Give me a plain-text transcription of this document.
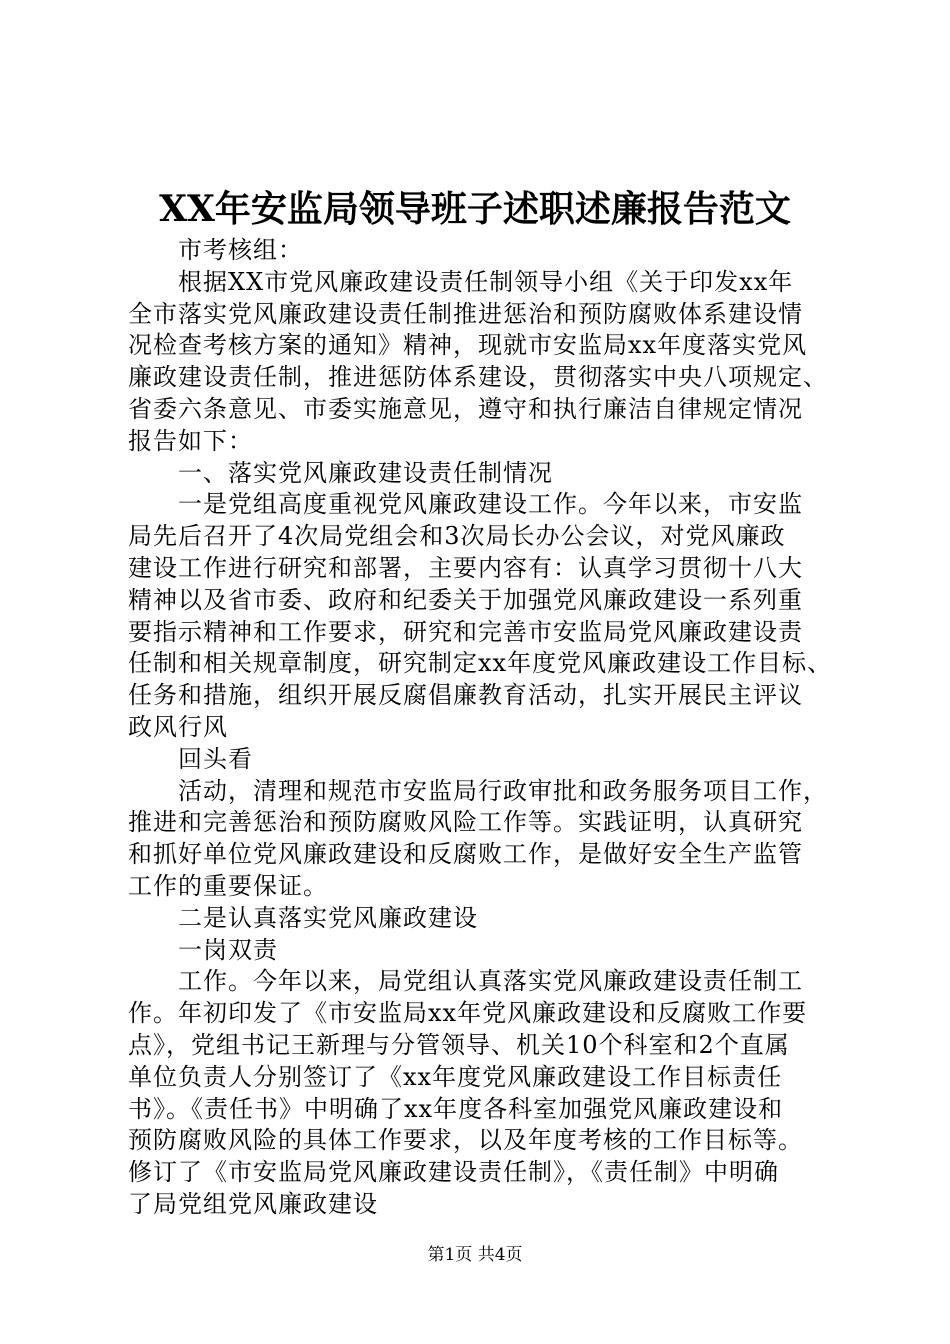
XX年安监局领导班子述职述廉报告范文
市考核组：
根据XX市党风廉政建设责任制领导小组《关于印发xx年
全市落实党风廉政建设责任制推进惩治和预防腐败体系建设情
况检查考核方案的通知》精神，现就市安监局xx年度落实党风
廉政建设责任制，推进惩防体系建设，贯彻落实中央八项规定、
省委六条意见、市委实施意见，遵守和执行廉洁自律规定情况
报告如下：
一、落实党风廉政建设责任制情况
一是党组高度重视党风廉政建设工作。今年以来，市安监
局先后召开了4次局党组会和3次局长办公会议，对党风廉政
建设工作进行研究和部署，主要内容有：认真学习贯彻十八大
精神以及省市委、政府和纪委关于加强党风廉政建设一系列重
要指示精神和工作要求，研究和完善市安监局党风廉政建设责
任制和相关规章制度，研究制定xx年度党风廉政建设工作目标、
任务和措施，组织开展反腐倡廉教育活动，扎实开展民主评议
政风行风
回头看
活动，清理和规范市安监局行政审批和政务服务项目工作，
推进和完善惩治和预防腐败风险工作等。实践证明，认真研究
和抓好单位党风廉政建设和反腐败工作，是做好安全生产监管
工作的重要保证。
二是认真落实党风廉政建设
一岗双责
工作。今年以来，局党组认真落实党风廉政建设责任制工
作。年初印发了《市安监局xx年党风廉政建设和反腐败工作要
点》，党组书记王新理与分管领导、机关10个科室和2个直属
单位负责人分别签订了《xx年度党风廉政建设工作目标责任
书》。《责任书》中明确了xx年度各科室加强党风廉政建设和
预防腐败风险的具体工作要求，以及年度考核的工作目标等。
修订了《市安监局党风廉政建设责任制》，《责任制》中明确
了局党组党风廉政建设
第1页 共4页
